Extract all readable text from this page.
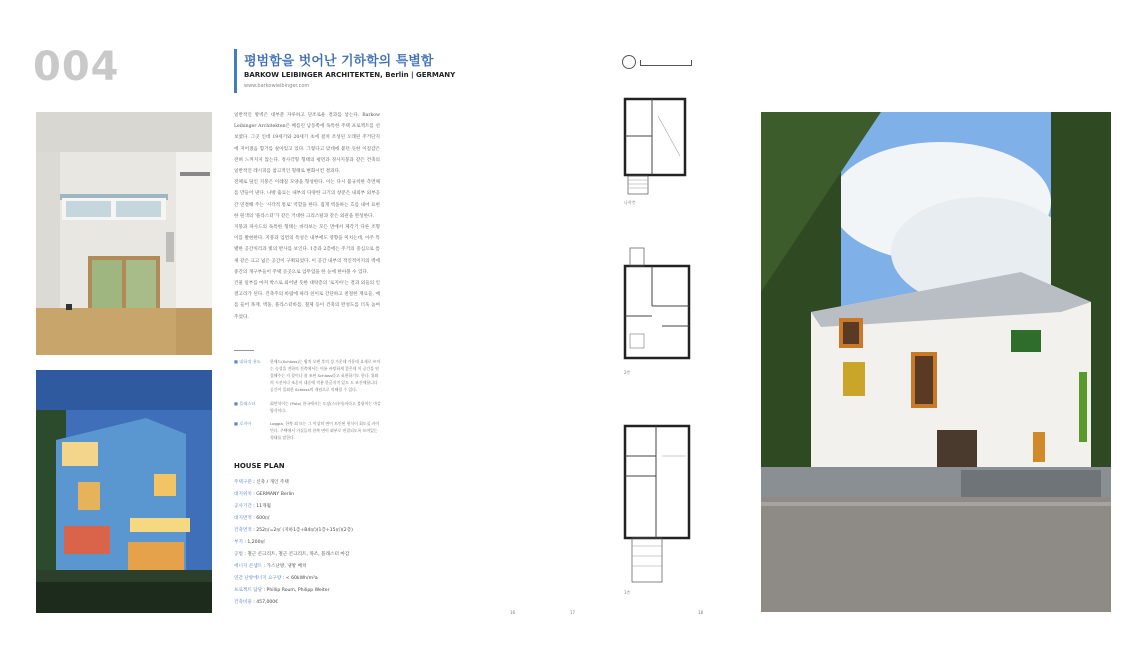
004	평범함을 벗어난 기하학의 특별함
BARKOW LEIBINGER ARCHITEKTEN, Berlin | GERMANY
www.barkowleibinger.com

일반적인 방벽은 대부분 자루하고 단조로운 결과를 낳는다. Barkow Leibinger Architekten은 베를린 남동쪽에 독특한 주택 프로젝트를 선보였다. 그곳 인데 19세기와 20세기 초에 걸쳐 조성된 오래된 주거단지에 지어졌음 함기를 살아있고 있다. 그렇다고 맞데에 붙던 듯한 이질감은 전혀 느껴지지 않는다. 정사각형 형태의 평면과 경사지붕과 같은 건축의 일반적인 레시피를 참고적인 형태로 변화시킨 결과다.

전체로 덮인 지붕은 이례질 모양을 형성한다. 이는 다시 불규칙한 측면체를 만들어 낸다. 나방 출료는 내부의 다양한 크기의 창문은 내외부 외부공간 연결해 주는 '시각적 통로' 역할을 한다. 집게 벽돌하는 흐름 내어 표현한 원색의 '플라스터'가 같은 거대한 크리스탈과 같은 외관을 완성한다.

지붕과 파사드의 독특한 형태는 바라보는 모든 면에서 제각기 다른 조형이를 발현한다. 지붕과 입면의 특성은 내부에도 영향을 미치는데, 아주 특별한 공간처리과 빛의 반사를 보인다. 1층과 2층에는 주거의 중심으로 틈새 같은 크고 넓은 공간이 구획되었다. 이 공간 내부의 적인적이지의 벽에 중간의 개구부들이 주택 곳곳으로 입무업을 한 눈에 한아볼 수 있다.

건물 일부를 마져 박스로 외어낸 듯한 대락층의 '로지아'는 결과 외들의 인결고리가 된다. 건축주의 바람에 따라 친이로 간단하고 친절한 재료들, 예를 들어 목재, 벽돌, 플라스터바를, 철제 등이 건축의 완성도를 더욱 높여주었다.

■ 대하적 용도	한매드(Schloss)는 왕적 오랜 후의 성 가운데 가운데 요새로 쓰이는 숙성을 전하의 건축에서는 이름 바탕하게 좋은데 이 공간을 연결해주는 지 할이나 참 조된 Schloss라고 표현하기도 한다. 위와의 시선이다 조흔이 대중에 적용 한글지적 있도 도 조건에합니다 공간이 일외한 Schloss의 개념으로 이해할 수 있다.
■ 플래스터	회반석이는 (Putz) 한국에서는 도장(스타이)이라고 불릴어는 마감 양식이다.
■ 로지아	Loggia, 한쪽 외 또는 그 이상의 면이 트인된 형식이 회도실 카이빈다. 주택에서 거실들의 한쪽 면이 외부로 연결되도록 트여있는 형태를 말한다.
HOUSE PLAN
주택구분 : 신축 / 개인 주택
대지위치 : GERMANY Berlin
공사기간 : 11개월
대지면적 : 600㎡
건축면적 : 252㎡=2㎡ (지하1층+B4㎡)(1층+15㎡)(2층)
부지 : 1,200㎡
공법 : 철근 콘크리트, 철근 콘크리트, 목조, 플래스터 마감
에너지 콘셉트 : 가스난방, 냉방 배치
연간 난방에너지 요구량 : < 60kWh/m²a
프로젝트 담당 : Phillip Roum, Philipp Weiter
건축비용 : 457,000€
16	17
다락층
2층
1층
18
